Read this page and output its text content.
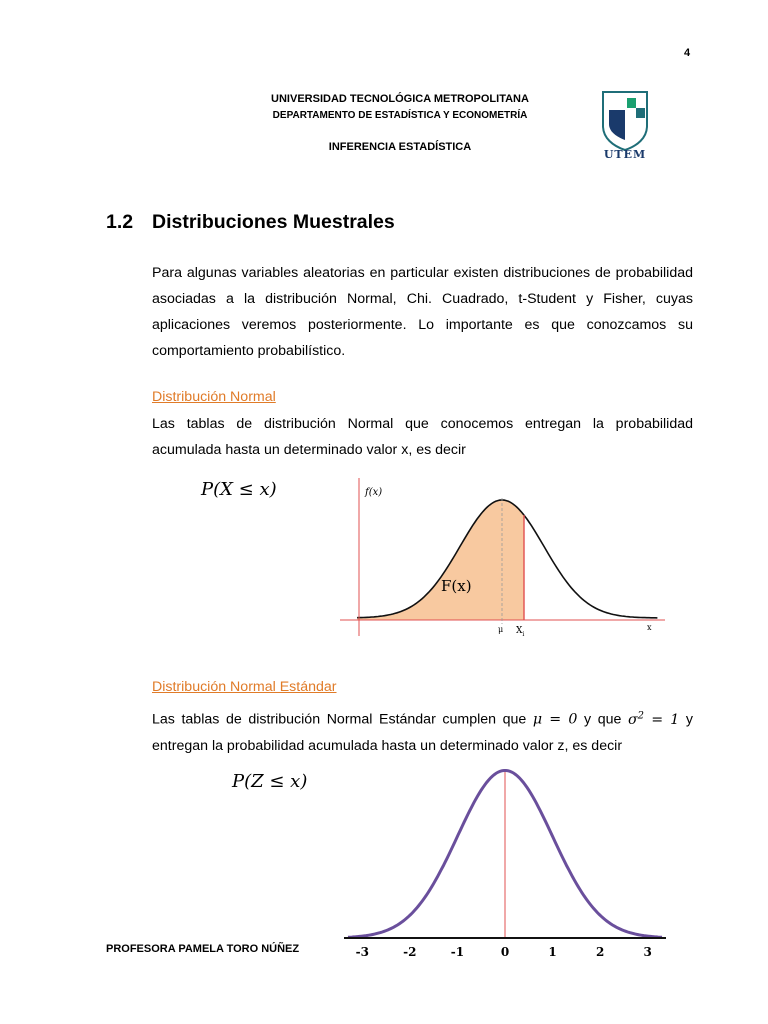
4
UNIVERSIDAD TECNOLÓGICA METROPOLITANA
DEPARTAMENTO DE ESTADÍSTICA Y ECONOMETRÍA
INFERENCIA ESTADÍSTICA
UTEM
1.2 Distribuciones Muestrales
Para algunas variables aleatorias en particular existen distribuciones de probabilidad asociadas a la distribución Normal, Chi. Cuadrado, t-Student y Fisher, cuyas aplicaciones veremos posteriormente. Lo importante es que conozcamos su comportamiento probabilístico.
Distribución Normal
Las tablas de distribución Normal que conocemos entregan la probabilidad acumulada hasta un determinado valor x, es decir
P(X ≤ x)	f(x)
F(x)
μ $X_i$
x
Distribución Normal Estándar
Las tablas de distribución Normal Estándar cumplen que μ = 0 y que $\sigma^2 = 1$ y entregan la probabilidad acumulada hasta un determinado valor z, es decir
P(Z ≤ x)
-3	-2	-1	0	1	2	3
PROFESORA PAMELA TORO NÚÑEZ
